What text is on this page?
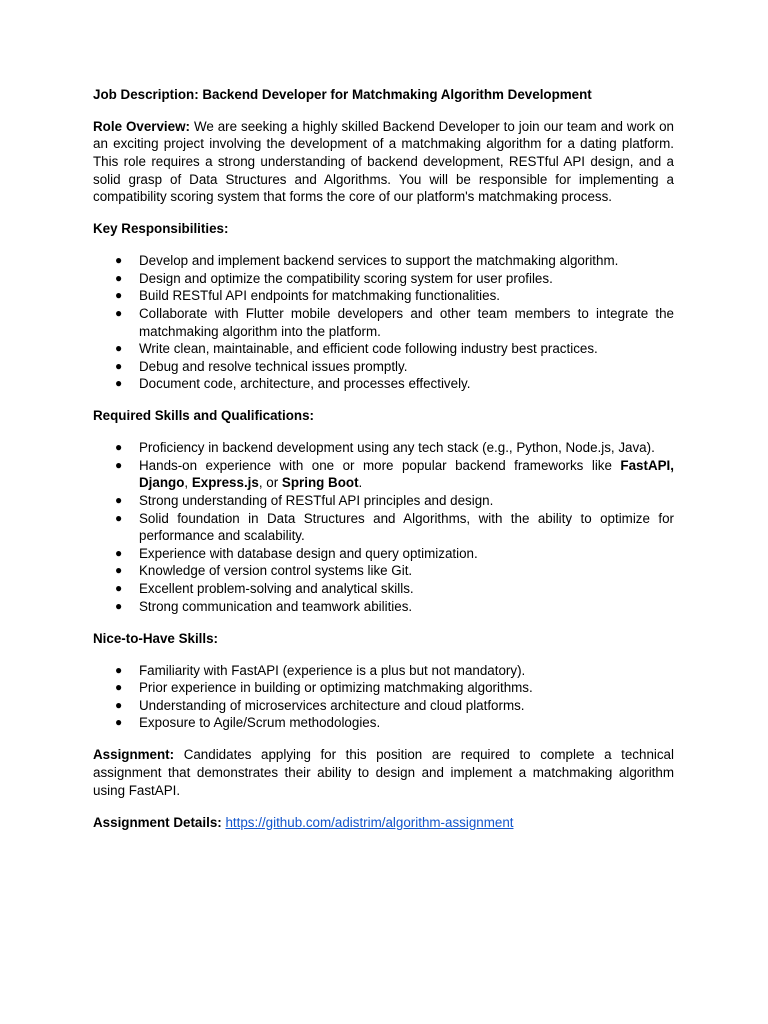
Job Description: Backend Developer for Matchmaking Algorithm Development

Role Overview: We are seeking a highly skilled Backend Developer to join our team and work on an exciting project involving the development of a matchmaking algorithm for a dating platform. This role requires a strong understanding of backend development, RESTful API design, and a solid grasp of Data Structures and Algorithms. You will be responsible for implementing a compatibility scoring system that forms the core of our platform's matchmaking process.

Key Responsibilities:

● Develop and implement backend services to support the matchmaking algorithm.
● Design and optimize the compatibility scoring system for user profiles.
● Build RESTful API endpoints for matchmaking functionalities.
● Collaborate with Flutter mobile developers and other team members to integrate the matchmaking algorithm into the platform.
● Write clean, maintainable, and efficient code following industry best practices.
● Debug and resolve technical issues promptly.
● Document code, architecture, and processes effectively.

Required Skills and Qualifications:

● Proficiency in backend development using any tech stack (e.g., Python, Node.js, Java).
● Hands-on experience with one or more popular backend frameworks like FastAPI, Django, Express.js, or Spring Boot.
● Strong understanding of RESTful API principles and design.
● Solid foundation in Data Structures and Algorithms, with the ability to optimize for performance and scalability.
● Experience with database design and query optimization.
● Knowledge of version control systems like Git.
● Excellent problem-solving and analytical skills.
● Strong communication and teamwork abilities.

Nice-to-Have Skills:

● Familiarity with FastAPI (experience is a plus but not mandatory).
● Prior experience in building or optimizing matchmaking algorithms.
● Understanding of microservices architecture and cloud platforms.
● Exposure to Agile/Scrum methodologies.

Assignment: Candidates applying for this position are required to complete a technical assignment that demonstrates their ability to design and implement a matchmaking algorithm using FastAPI.

Assignment Details: https://github.com/adistrim/algorithm-assignment
